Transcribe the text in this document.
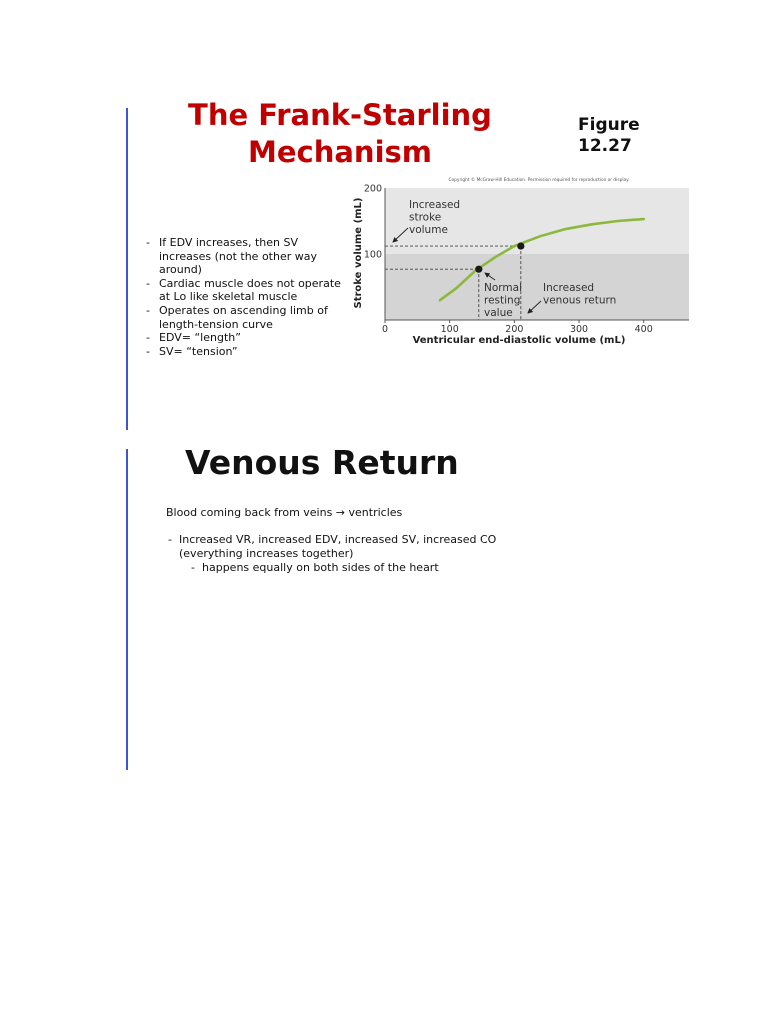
The Frank-Starling
Mechanism
Figure
12.27
- If EDV increases, then SV
increases (not the other way
around)
- Cardiac muscle does not operate
at Lo like skeletal muscle
- Operates on ascending limb of
length-tension curve
- EDV= “length”
- SV= “tension”
Copyright © McGraw-Hill Education. Permission required for reproduction or display.
0	100	200	300	400
100
200
Increased stroke volume
Normal resting value
Increased venous return
Ventricular end-diastolic volume (mL)
Stroke volume (mL)
Venous Return
Blood coming back from veins → ventricles
- Increased VR, increased EDV, increased SV, increased CO
(everything increases together)
- happens equally on both sides of the heart
